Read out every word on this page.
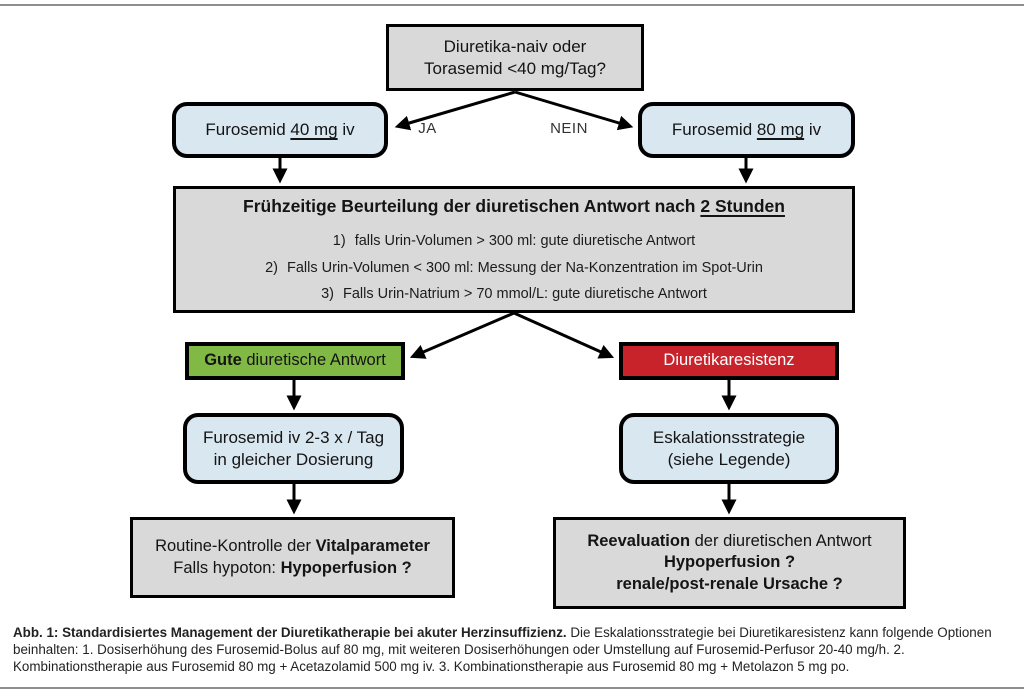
Diuretika-naiv oder
Torasemid <40 mg/Tag?
JA	NEIN
Furosemid 40 mg iv	Furosemid 80 mg iv
Frühzeitige Beurteilung der diuretischen Antwort nach 2 Stunden
1) falls Urin-Volumen > 300 ml: gute diuretische Antwort
2) Falls Urin-Volumen < 300 ml: Messung der Na-Konzentration im Spot-Urin
3) Falls Urin-Natrium > 70 mmol/L: gute diuretische Antwort
Gute diuretische Antwort	Diuretikaresistenz
Furosemid iv 2-3 x / Tag
in gleicher Dosierung
Eskalationsstrategie
(siehe Legende)
Routine-Kontrolle der Vitalparameter
Falls hypoton: Hypoperfusion ?
Reevaluation der diuretischen Antwort
Hypoperfusion ?
renale/post-renale Ursache ?

Abb. 1: Standardisiertes Management der Diuretikatherapie bei akuter Herzinsuffizienz. Die Eskalationsstrategie bei Diuretikaresistenz kann folgende Optionen beinhalten: 1. Dosiserhöhung des Furosemid-Bolus auf 80 mg, mit weiteren Dosiserhöhungen oder Umstellung auf Furosemid-Perfusor 20-40 mg/h. 2. Kombinationstherapie aus Furosemid 80 mg + Acetazolamid 500 mg iv. 3. Kombinationstherapie aus Furosemid 80 mg + Metolazon 5 mg po.
